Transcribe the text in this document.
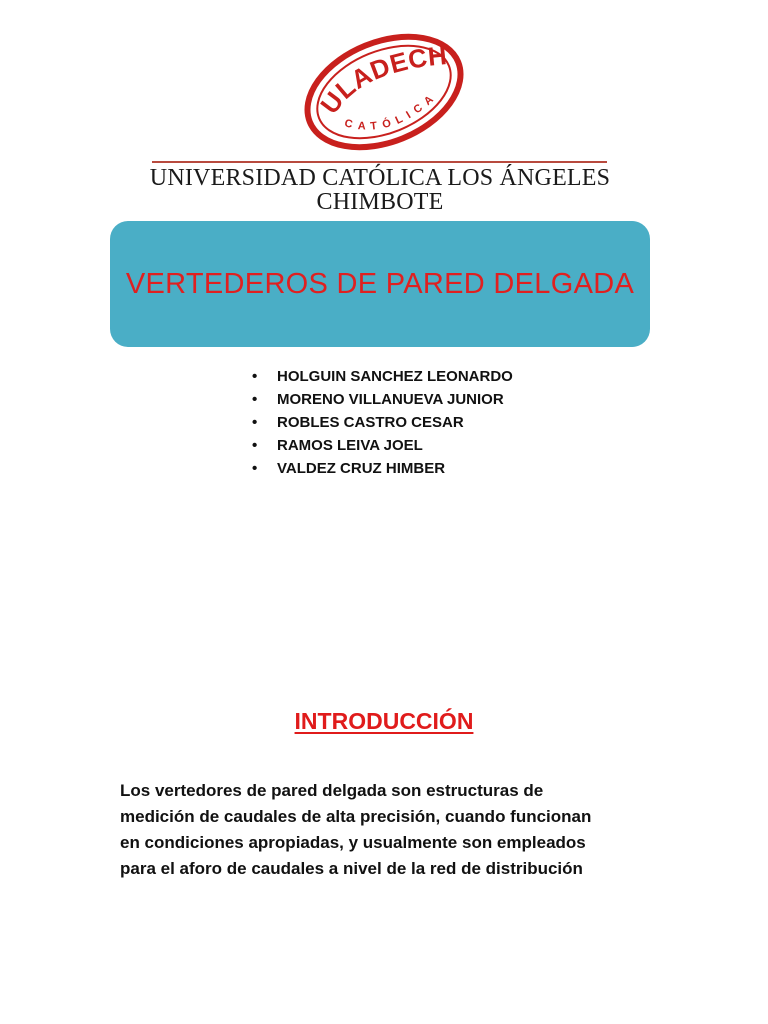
ULADECH
CATÓLICA
UNIVERSIDAD CATÓLICA LOS ÁNGELES
CHIMBOTE
VERTEDEROS DE PARED DELGADA
•	HOLGUIN SANCHEZ LEONARDO
•	MORENO VILLANUEVA JUNIOR
•	ROBLES CASTRO CESAR
•	RAMOS LEIVA JOEL
•	VALDEZ CRUZ HIMBER
INTRODUCCIÓN
Los vertedores de pared delgada son estructuras de
medición de caudales de alta precisión, cuando funcionan
en condiciones apropiadas, y usualmente son empleados
para el aforo de caudales a nivel de la red de distribución
